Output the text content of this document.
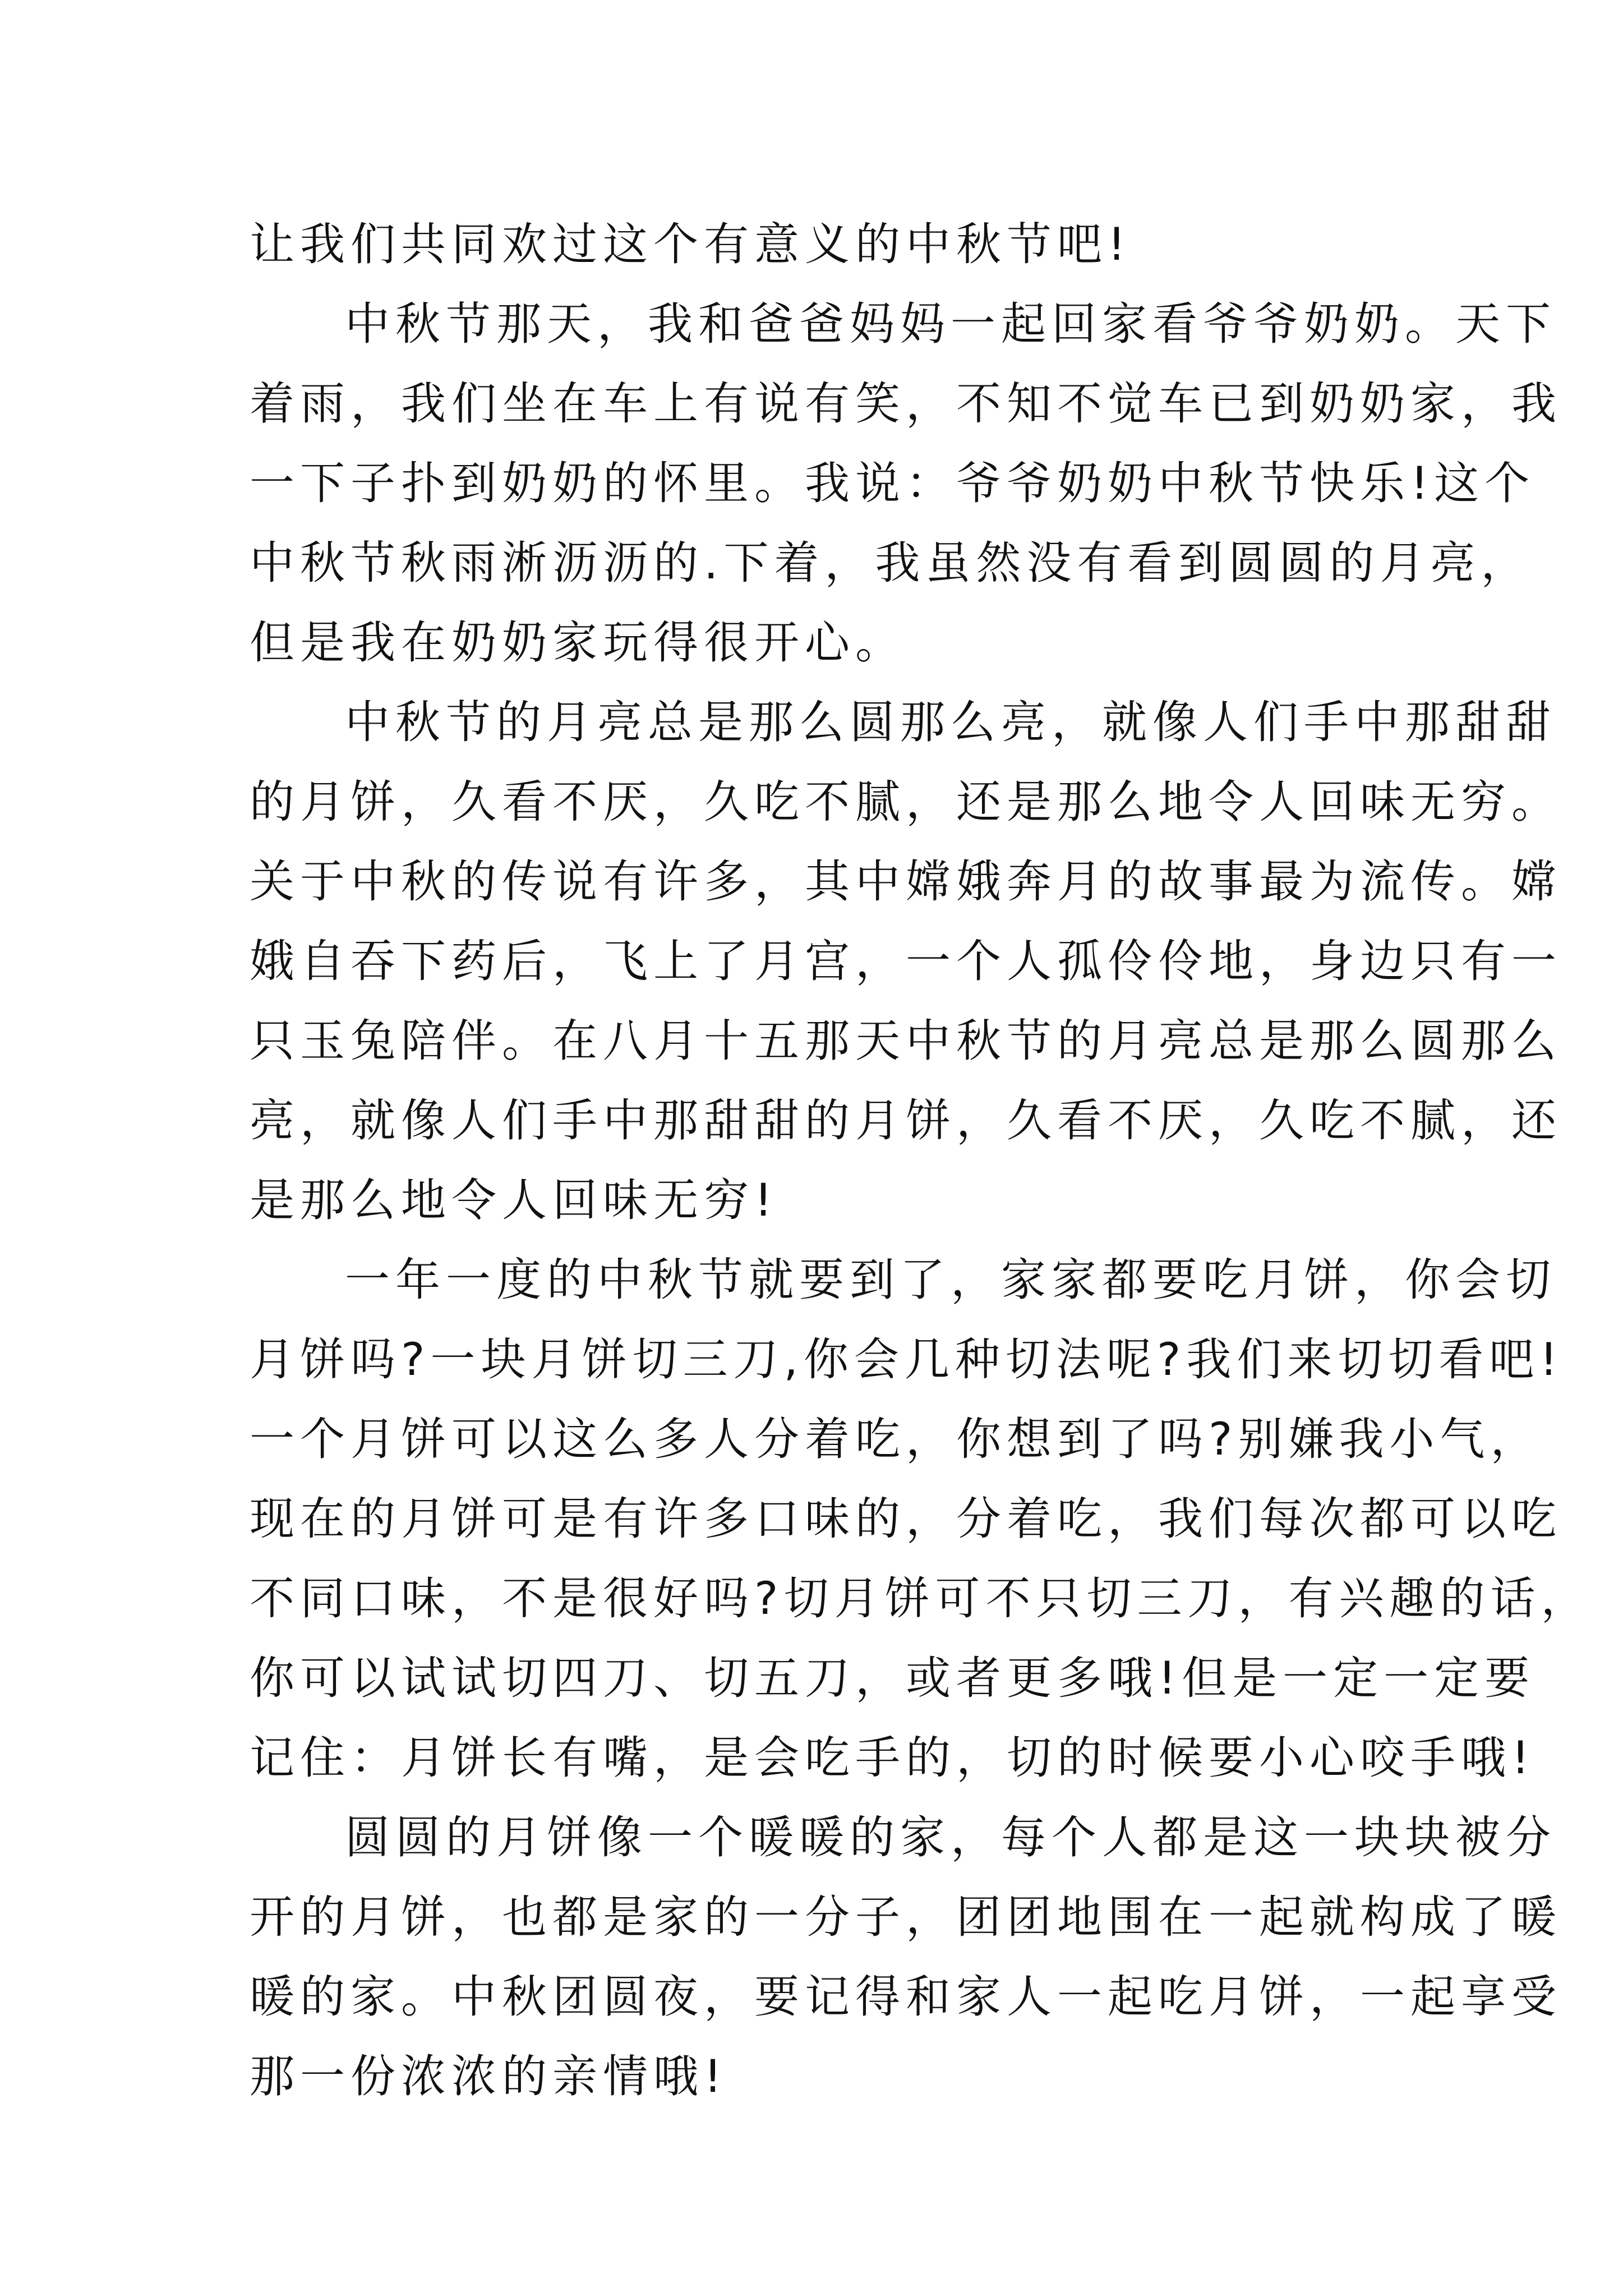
让我们共同欢过这个有意义的中秋节吧!
中秋节那天，我和爸爸妈妈一起回家看爷爷奶奶。天下
着雨，我们坐在车上有说有笑，不知不觉车已到奶奶家，我
一下子扑到奶奶的怀里。我说：爷爷奶奶中秋节快乐!这个
中秋节秋雨淅沥沥的.下着，我虽然没有看到圆圆的月亮，
但是我在奶奶家玩得很开心。
中秋节的月亮总是那么圆那么亮，就像人们手中那甜甜
的月饼，久看不厌，久吃不腻，还是那么地令人回味无穷。
关于中秋的传说有许多，其中嫦娥奔月的故事最为流传。嫦
娥自吞下药后，飞上了月宫，一个人孤伶伶地，身边只有一
只玉兔陪伴。在八月十五那天中秋节的月亮总是那么圆那么
亮，就像人们手中那甜甜的月饼，久看不厌，久吃不腻，还
是那么地令人回味无穷!
一年一度的中秋节就要到了，家家都要吃月饼，你会切
月饼吗?一块月饼切三刀,你会几种切法呢?我们来切切看吧!
一个月饼可以这么多人分着吃，你想到了吗?别嫌我小气，
现在的月饼可是有许多口味的，分着吃，我们每次都可以吃
不同口味，不是很好吗?切月饼可不只切三刀，有兴趣的话，
你可以试试切四刀、切五刀，或者更多哦!但是一定一定要
记住：月饼长有嘴，是会吃手的，切的时候要小心咬手哦!
圆圆的月饼像一个暖暖的家，每个人都是这一块块被分
开的月饼，也都是家的一分子，团团地围在一起就构成了暖
暖的家。中秋团圆夜，要记得和家人一起吃月饼，一起享受
那一份浓浓的亲情哦!
